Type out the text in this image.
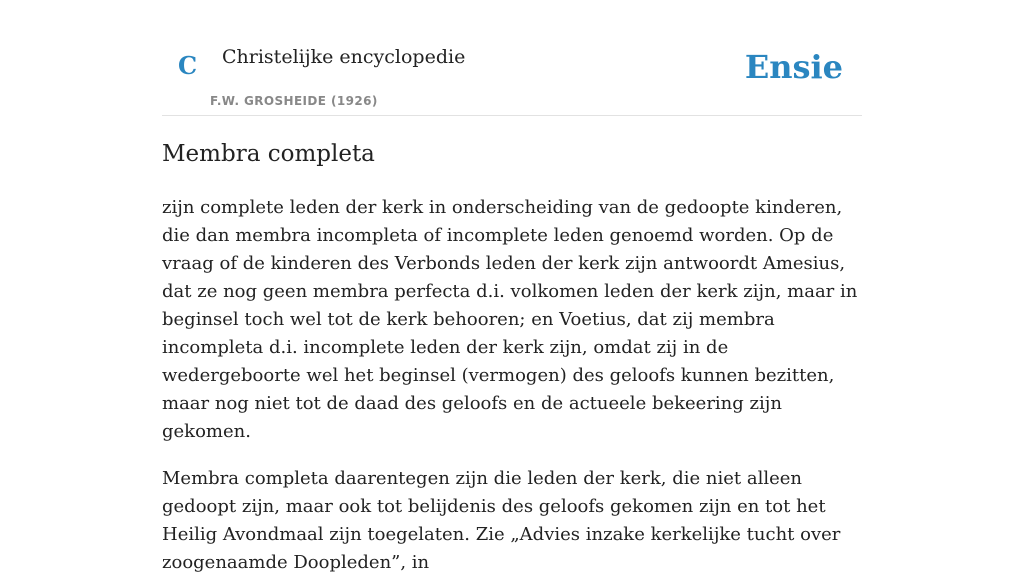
C Christelijke encyclopedie
F.W. GROSHEIDE (1926)
Ensie
Membra completa

zijn complete leden der kerk in onderscheiding van de gedoopte kinderen, die dan membra incompleta of incomplete leden genoemd worden. Op de vraag of de kinderen des Verbonds leden der kerk zijn antwoordt Amesius, dat ze nog geen membra perfecta d.i. volkomen leden der kerk zijn, maar in beginsel toch wel tot de kerk behooren; en Voetius, dat zij membra incompleta d.i. incomplete leden der kerk zijn, omdat zij in de wedergeboorte wel het beginsel (vermogen) des geloofs kunnen bezitten, maar nog niet tot de daad des geloofs en de actueele bekeering zijn gekomen.

Membra completa daarentegen zijn die leden der kerk, die niet alleen gedoopt zijn, maar ook tot belijdenis des geloofs gekomen zijn en tot het Heilig Avondmaal zijn toegelaten. Zie „Advies inzake kerkelijke tucht over zoogenaamde Doopleden”, in
